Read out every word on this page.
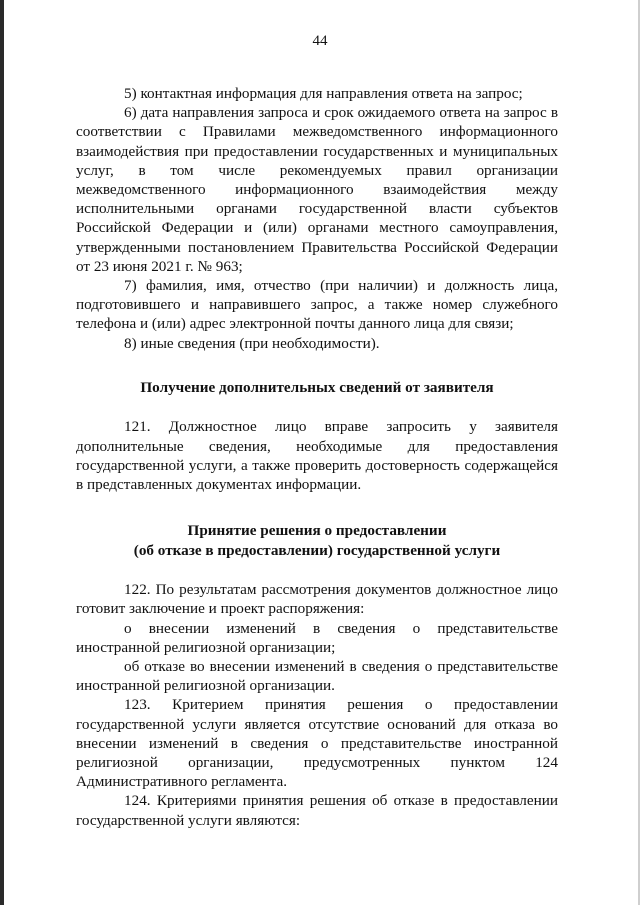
44

5) контактная информация для направления ответа на запрос;

6) дата направления запроса и срок ожидаемого ответа на запрос в соответствии с Правилами межведомственного информационного взаимодействия при предоставлении государственных и муниципальных услуг, в том числе рекомендуемых правил организации межведомственного информационного взаимодействия между исполнительными органами государственной власти субъектов Российской Федерации и (или) органами местного самоуправления, утвержденными постановлением Правительства Российской Федерации от 23 июня 2021 г. № 963;

7) фамилия, имя, отчество (при наличии) и должность лица, подготовившего и направившего запрос, а также номер служебного телефона и (или) адрес электронной почты данного лица для связи;

8) иные сведения (при необходимости).

Получение дополнительных сведений от заявителя

121. Должностное лицо вправе запросить у заявителя дополнительные сведения, необходимые для предоставления государственной услуги, а также проверить достоверность содержащейся в представленных документах информации.

Принятие решения о предоставлении
(об отказе в предоставлении) государственной услуги

122. По результатам рассмотрения документов должностное лицо готовит заключение и проект распоряжения:

о внесении изменений в сведения о представительстве иностранной религиозной организации;

об отказе во внесении изменений в сведения о представительстве иностранной религиозной организации.

123. Критерием принятия решения о предоставлении государственной услуги является отсутствие оснований для отказа во внесении изменений в сведения о представительстве иностранной религиозной организации, предусмотренных пунктом 124 Административного регламента.

124. Критериями принятия решения об отказе в предоставлении государственной услуги являются:
